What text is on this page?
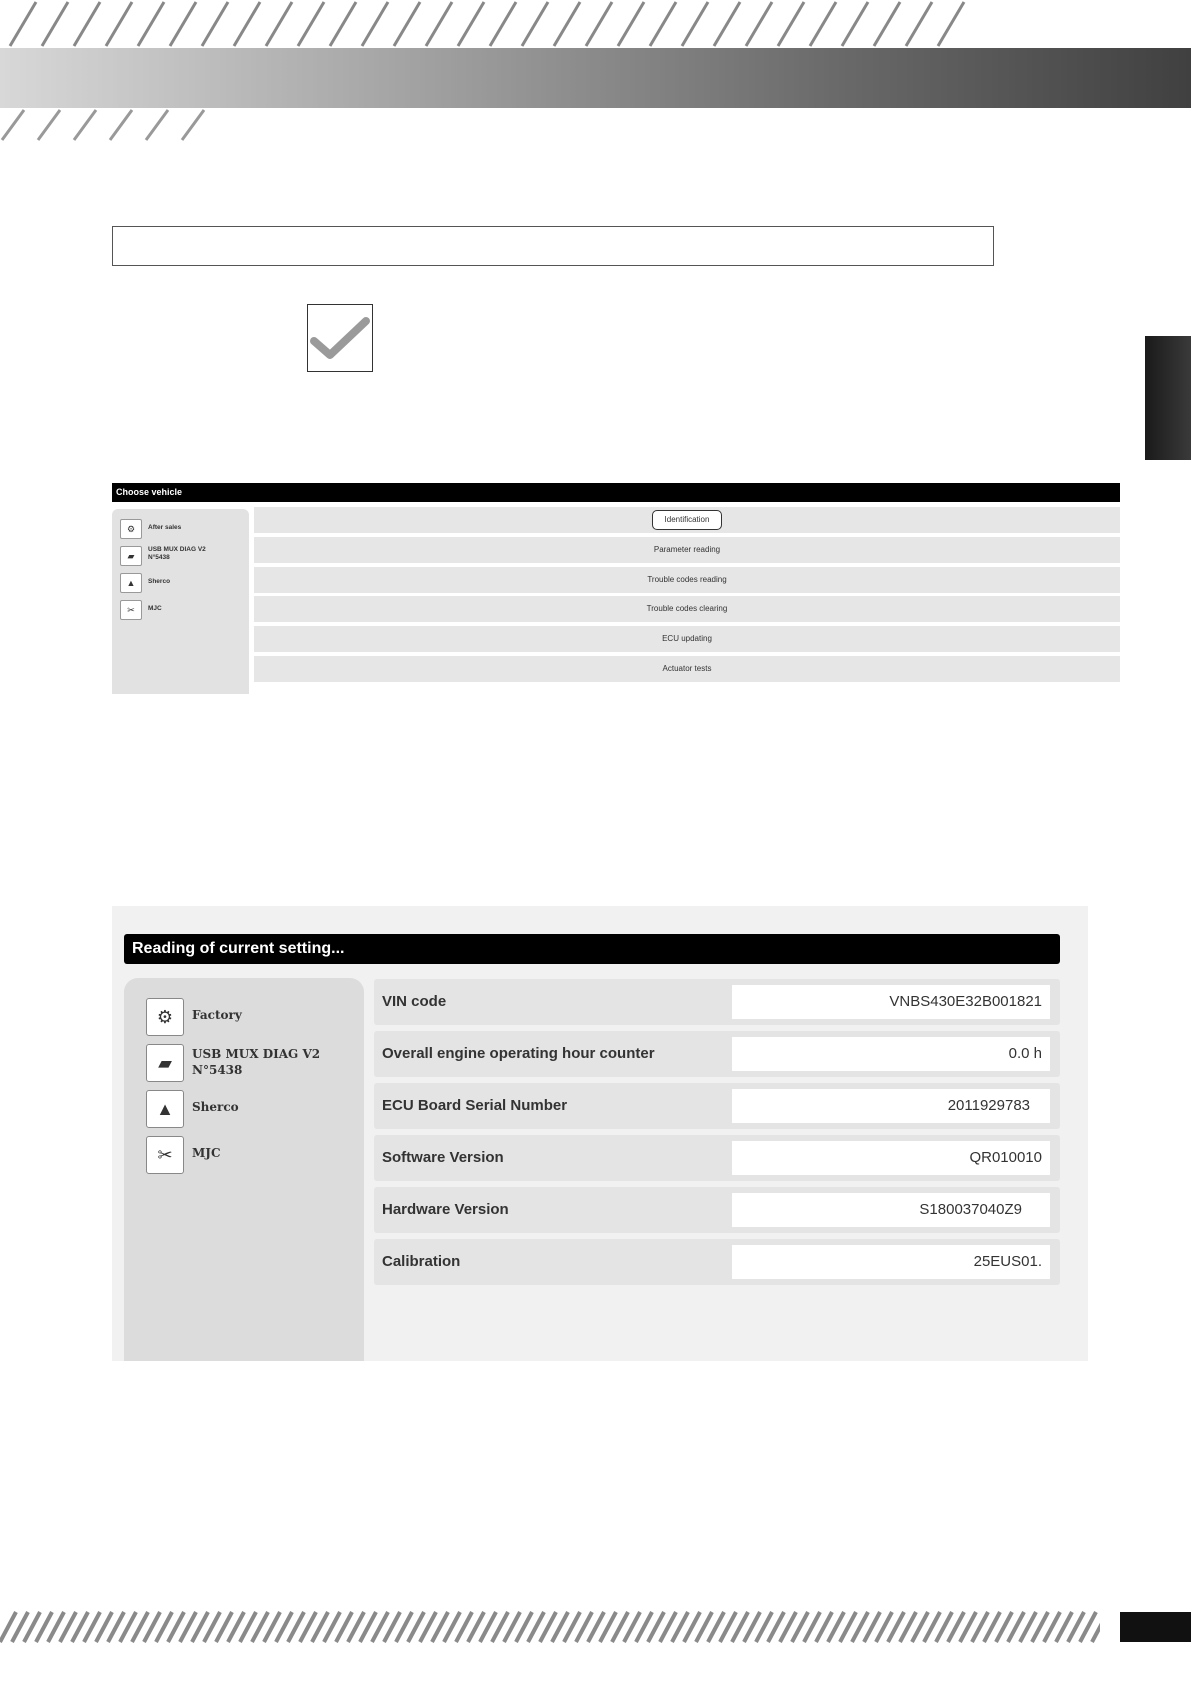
Choose vehicle
⚙	After sales
▰
USB MUX DIAG V2
N°5438
▲	Sherco
✂	MJC
Identification
Parameter reading
Trouble codes reading
Trouble codes clearing
ECU updating
Actuator tests
Reading of current setting...
⚙	Factory
▰	USB MUX DIAG V2
N°5438
▲	Sherco
✂	MJC
VIN code	VNBS430E32B001821
Overall engine operating hour counter	0.0 h
ECU Board Serial Number	2011929783
Software Version	QR010010
Hardware Version	S180037040Z9
Calibration	25EUS01.
